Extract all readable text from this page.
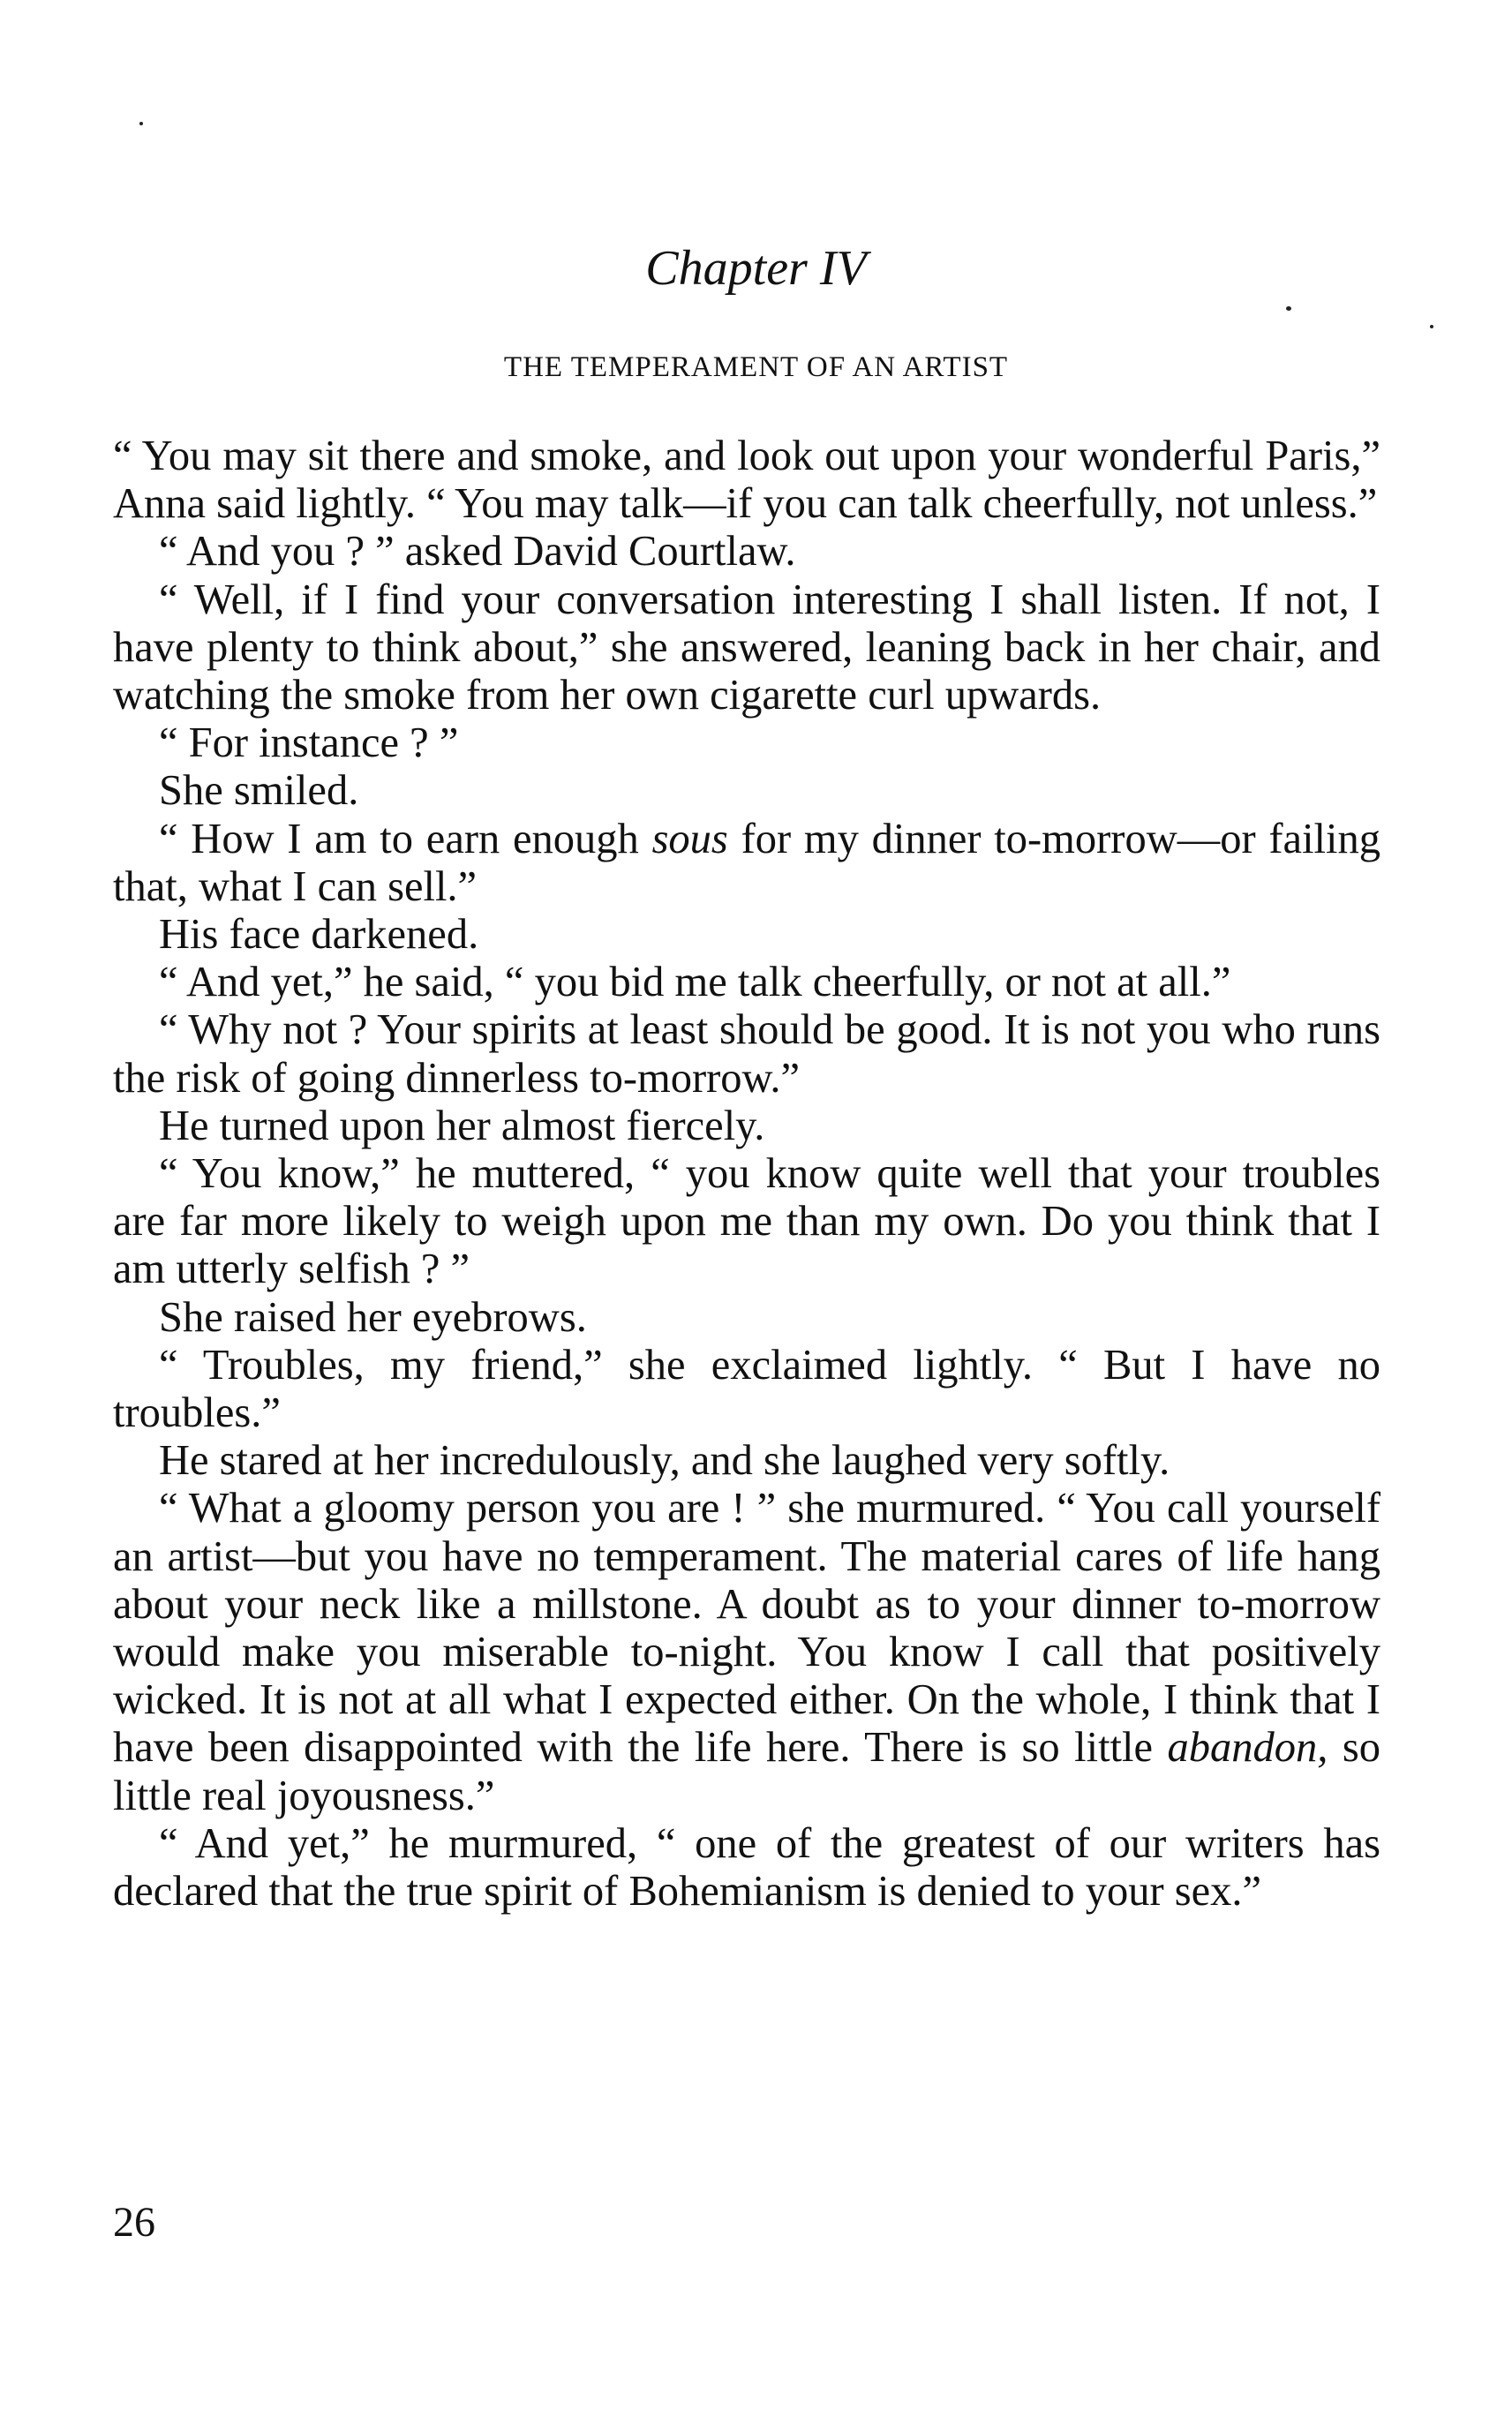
Chapter IV
THE TEMPERAMENT OF AN ARTIST

“ You may sit there and smoke, and look out upon your wonderful Paris,” Anna said lightly. “ You may talk—if you can talk cheerfully, not unless.”

“ And you ? ” asked David Courtlaw.

“ Well, if I find your conversation interesting I shall listen. If not, I have plenty to think about,” she answered, leaning back in her chair, and watching the smoke from her own cigarette curl upwards.

“ For instance ? ”

She smiled.

“ How I am to earn enough sous for my dinner to-morrow—or failing that, what I can sell.”

His face darkened.

“ And yet,” he said, “ you bid me talk cheerfully, or not at all.”

“ Why not ? Your spirits at least should be good. It is not you who runs the risk of going dinnerless to-morrow.”

He turned upon her almost fiercely.

“ You know,” he muttered, “ you know quite well that your troubles are far more likely to weigh upon me than my own. Do you think that I am utterly selfish ? ”

She raised her eyebrows.

“ Troubles, my friend,” she exclaimed lightly. “ But I have no troubles.”

He stared at her incredulously, and she laughed very softly.

“ What a gloomy person you are ! ” she murmured. “ You call yourself an artist—but you have no temperament. The material cares of life hang about your neck like a millstone. A doubt as to your dinner to-morrow would make you miserable to-night. You know I call that positively wicked. It is not at all what I expected either. On the whole, I think that I have been disappointed with the life here. There is so little abandon, so little real joyousness.”

“ And yet,” he murmured, “ one of the greatest of our writers has declared that the true spirit of Bohemianism is denied to your sex.”

26
